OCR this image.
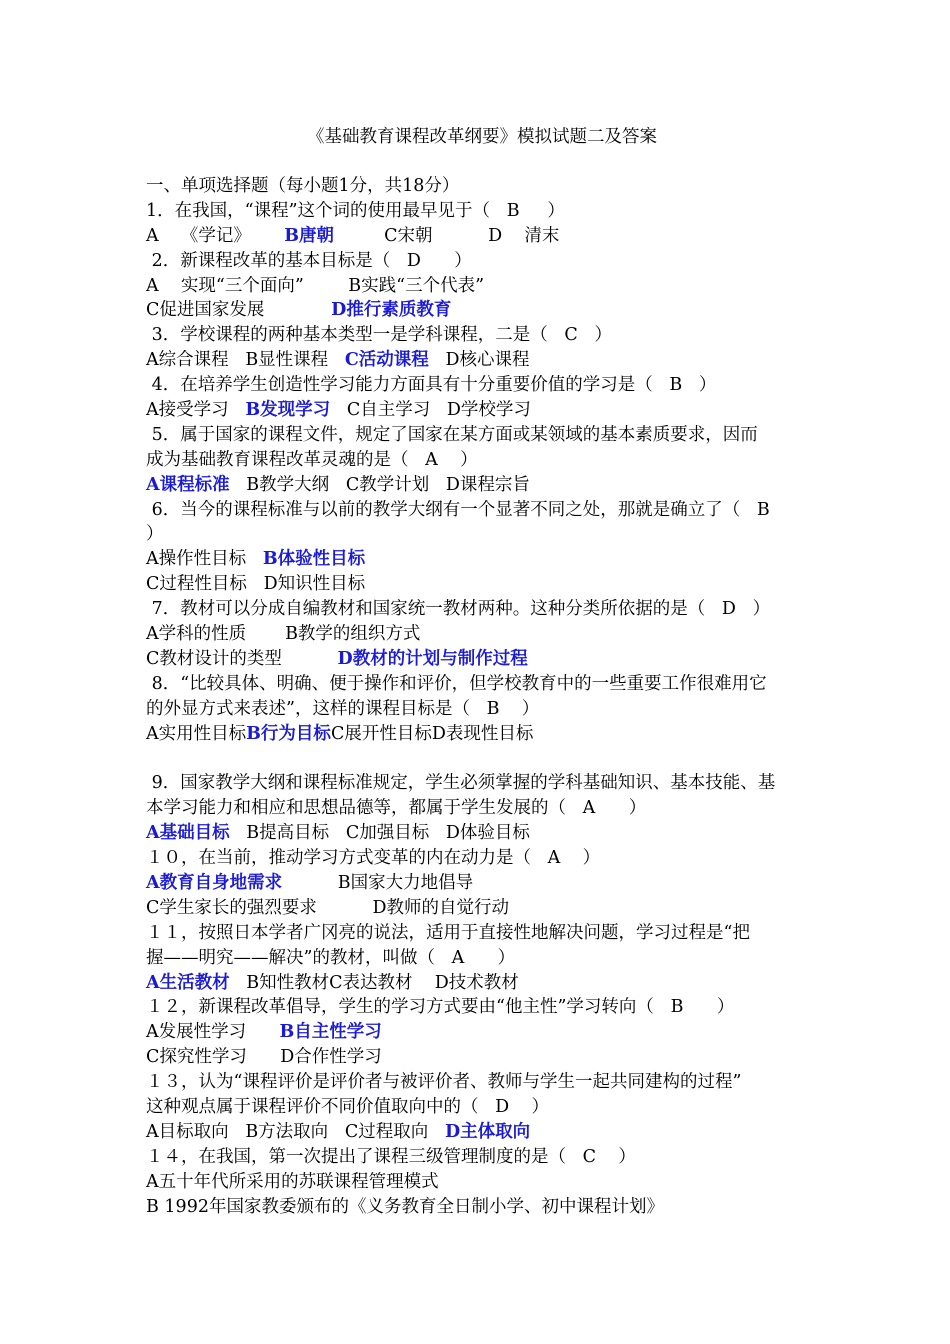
《基础教育课程改革纲要》模拟试题二及答案
一、单项选择题（每小题1分，共18分）
1．在我国，“课程”这个词的使用最早见于（   B     ）
A    《学记》      B唐朝         C宋朝          D    清末
2．新课程改革的基本目标是（   D      ）
A    实现“三个面向”        B实践“三个代表”
C促进国家发展            D推行素质教育
3．学校课程的两种基本类型一是学科课程，二是（   C   ）
A综合课程   B显性课程   C活动课程   D核心课程
4．在培养学生创造性学习能力方面具有十分重要价值的学习是（   B   ）
A接受学习   B发现学习   C自主学习   D学校学习
5．属于国家的课程文件，规定了国家在某方面或某领域的基本素质要求，因而
成为基础教育课程改革灵魂的是（   A    ）
A课程标准   B教学大纲   C教学计划   D课程宗旨
6．当今的课程标准与以前的教学大纲有一个显著不同之处，那就是确立了（   B
）
A操作性目标   B体验性目标
C过程性目标   D知识性目标
7．教材可以分成自编教材和国家统一教材两种。这种分类所依据的是（   D   ）
A学科的性质       B教学的组织方式
C教材设计的类型          D教材的计划与制作过程
8．“比较具体、明确、便于操作和评价，但学校教育中的一些重要工作很难用它
的外显方式来表述”，这样的课程目标是（   B    ）
A实用性目标B行为目标C展开性目标D表现性目标
9．国家教学大纲和课程标准规定，学生必须掌握的学科基础知识、基本技能、基
本学习能力和相应和思想品德等，都属于学生发展的（   A      ）
A基础目标   B提高目标   C加强目标   D体验目标
１０，在当前，推动学习方式变革的内在动力是（   A    ）
A教育自身地需求          B国家大力地倡导
C学生家长的强烈要求          D教师的自觉行动
１１，按照日本学者广冈亮的说法，适用于直接性地解决问题，学习过程是“把
握——明究——解决”的教材，叫做（   A      ）
A生活教材   B知性教材C表达教材    D技术教材
１２，新课程改革倡导，学生的学习方式要由“他主性”学习转向（   B      ）
A发展性学习      B自主性学习
C探究性学习      D合作性学习
１３，认为“课程评价是评价者与被评价者、教师与学生一起共同建构的过程”
这种观点属于课程评价不同价值取向中的（   D    ）
A目标取向   B方法取向   C过程取向   D主体取向
１４，在我国，第一次提出了课程三级管理制度的是（   C    ）
A五十年代所采用的苏联课程管理模式
B 1992年国家教委颁布的《义务教育全日制小学、初中课程计划》
